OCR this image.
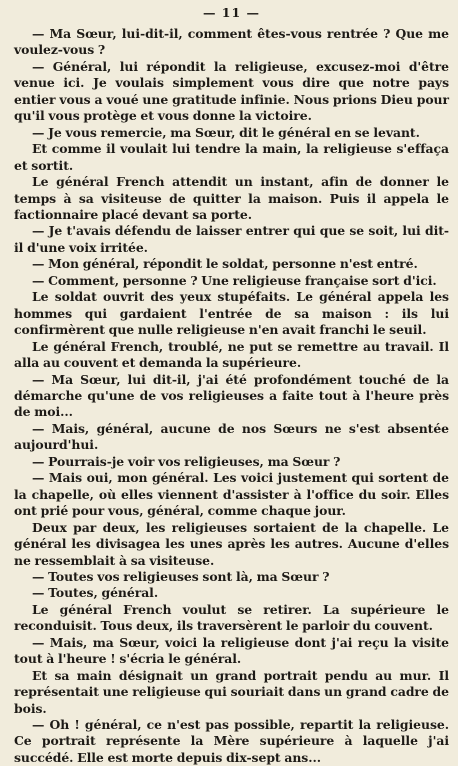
— 11 —

— Ma Sœur, lui-dit-il, comment êtes-vous rentrée ? Que me voulez-vous ?

— Général, lui répondit la religieuse, excusez-moi d'être venue ici. Je voulais simplement vous dire que notre pays entier vous a voué une gratitude infinie. Nous prions Dieu pour qu'il vous protège et vous donne la victoire.

— Je vous remercie, ma Sœur, dit le général en se levant.

Et comme il voulait lui tendre la main, la religieuse s'effaça et sortit.

Le général French attendit un instant, afin de donner le temps à sa visiteuse de quitter la maison. Puis il appela le factionnaire placé devant sa porte.

— Je t'avais défendu de laisser entrer qui que se soit, lui dit-il d'une voix irritée.

— Mon général, répondit le soldat, personne n'est entré.

— Comment, personne ? Une religieuse française sort d'ici.

Le soldat ouvrit des yeux stupéfaits. Le général appela les hommes qui gardaient l'entrée de sa maison : ils lui confirmèrent que nulle religieuse n'en avait franchi le seuil.

Le général French, troublé, ne put se remettre au travail. Il alla au couvent et demanda la supérieure.

— Ma Sœur, lui dit-il, j'ai été profondément touché de la démarche qu'une de vos religieuses a faite tout à l'heure près de moi...

— Mais, général, aucune de nos Sœurs ne s'est absentée aujourd'hui.

— Pourrais-je voir vos religieuses, ma Sœur ?

— Mais oui, mon général. Les voici justement qui sortent de la chapelle, où elles viennent d'assister à l'office du soir. Elles ont prié pour vous, général, comme chaque jour.

Deux par deux, les religieuses sortaient de la chapelle. Le général les divisagea les unes après les autres. Aucune d'elles ne ressemblait à sa visiteuse.

— Toutes vos religieuses sont là, ma Sœur ?

— Toutes, général.

Le général French voulut se retirer. La supérieure le reconduisit. Tous deux, ils traversèrent le parloir du couvent.

— Mais, ma Sœur, voici la religieuse dont j'ai reçu la visite tout à l'heure ! s'écria le général.

Et sa main désignait un grand portrait pendu au mur. Il représentait une religieuse qui souriait dans un grand cadre de bois.

— Oh ! général, ce n'est pas possible, repartit la religieuse. Ce portrait représente la Mère supérieure à laquelle j'ai succédé. Elle est morte depuis dix-sept ans...
